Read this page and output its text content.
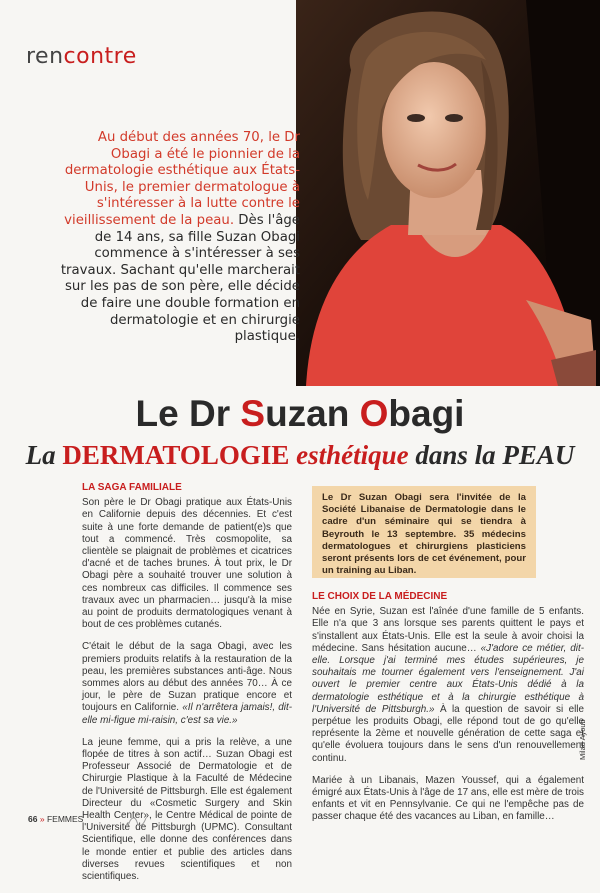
rencontre
Au début des années 70, le Dr Obagi a été le pionnier de la dermatologie esthétique aux États-Unis, le premier dermatologue à s'intéresser à la lutte contre le vieillissement de la peau. Dès l'âge de 14 ans, sa fille Suzan Obagi commence à s'intéresser à ses travaux. Sachant qu'elle marcherait sur les pas de son père, elle décide de faire une double formation en dermatologie et en chirurgie plastique.
Le Dr Suzan Obagi
La DERMATOLOGIE esthétique dans la PEAU
LA SAGA FAMILIALE

Son père le Dr Obagi pratique aux États-Unis en Californie depuis des décennies. Et c'est suite à une forte demande de patient(e)s que tout a commencé. Très cosmopolite, sa clientèle se plaignait de problèmes et cicatrices d'acné et de taches brunes. À tout prix, le Dr Obagi père a souhaité trouver une solution à ces nombreux cas difficiles. Il commence ses travaux avec un pharmacien… jusqu'à la mise au point de produits dermatologiques venant à bout de ces problèmes cutanés.

C'était le début de la saga Obagi, avec les premiers produits relatifs à la restauration de la peau, les premières substances anti-âge. Nous sommes alors au début des années 70… À ce jour, le père de Suzan pratique encore et toujours en Californie. «Il n'arrêtera jamais!, dit-elle mi-figue mi-raisin, c'est sa vie.»

La jeune femme, qui a pris la relève, a une flopée de titres à son actif… Suzan Obagi est Professeur Associé de Dermatologie et de Chirurgie Plastique à la Faculté de Médecine de l'Université de Pittsburgh. Elle est également Directeur du «Cosmetic Surgery and Skin Health Center», le Centre Médical de pointe de l'Université de Pittsburgh (UPMC). Consultant Scientifique, elle donne des conférences dans le monde entier et publie des articles dans diverses revues scientifiques et non scientifiques.

Le Dr Suzan Obagi sera l'invitée de la Société Libanaise de Dermatologie dans le cadre d'un séminaire qui se tiendra à Beyrouth le 13 septembre. 35 médecins dermatologues et chirurgiens plasticiens seront présents lors de cet événement, pour un training au Liban.
LE CHOIX DE LA MÉDECINE

Née en Syrie, Suzan est l'aînée d'une famille de 5 enfants. Elle n'a que 3 ans lorsque ses parents quittent le pays et s'installent aux États-Unis. Elle est la seule à avoir choisi la médecine. Sans hésitation aucune… «J'adore ce métier, dit-elle. Lorsque j'ai terminé mes études supérieures, je souhaitais me tourner également vers l'enseignement. J'ai ouvert le premier centre aux États-Unis dédié à la dermatologie esthétique et à la chirurgie esthétique à l'Université de Pittsburgh.» À la question de savoir si elle perpétue les produits Obagi, elle répond tout de go qu'elle représente la 2ème et nouvelle génération de cette saga et qu'elle évoluera toujours dans le sens d'un renouvellement continu.

Mariée à un Libanais, Mazen Youssef, qui a également émigré aux États-Unis à l'âge de 17 ans, elle est mère de trois enfants et vit en Pennsylvanie. Ce qui ne l'empêche pas de passer chaque été des vacances au Liban, en famille…

Milad Ayoub
66 » FEMMES
